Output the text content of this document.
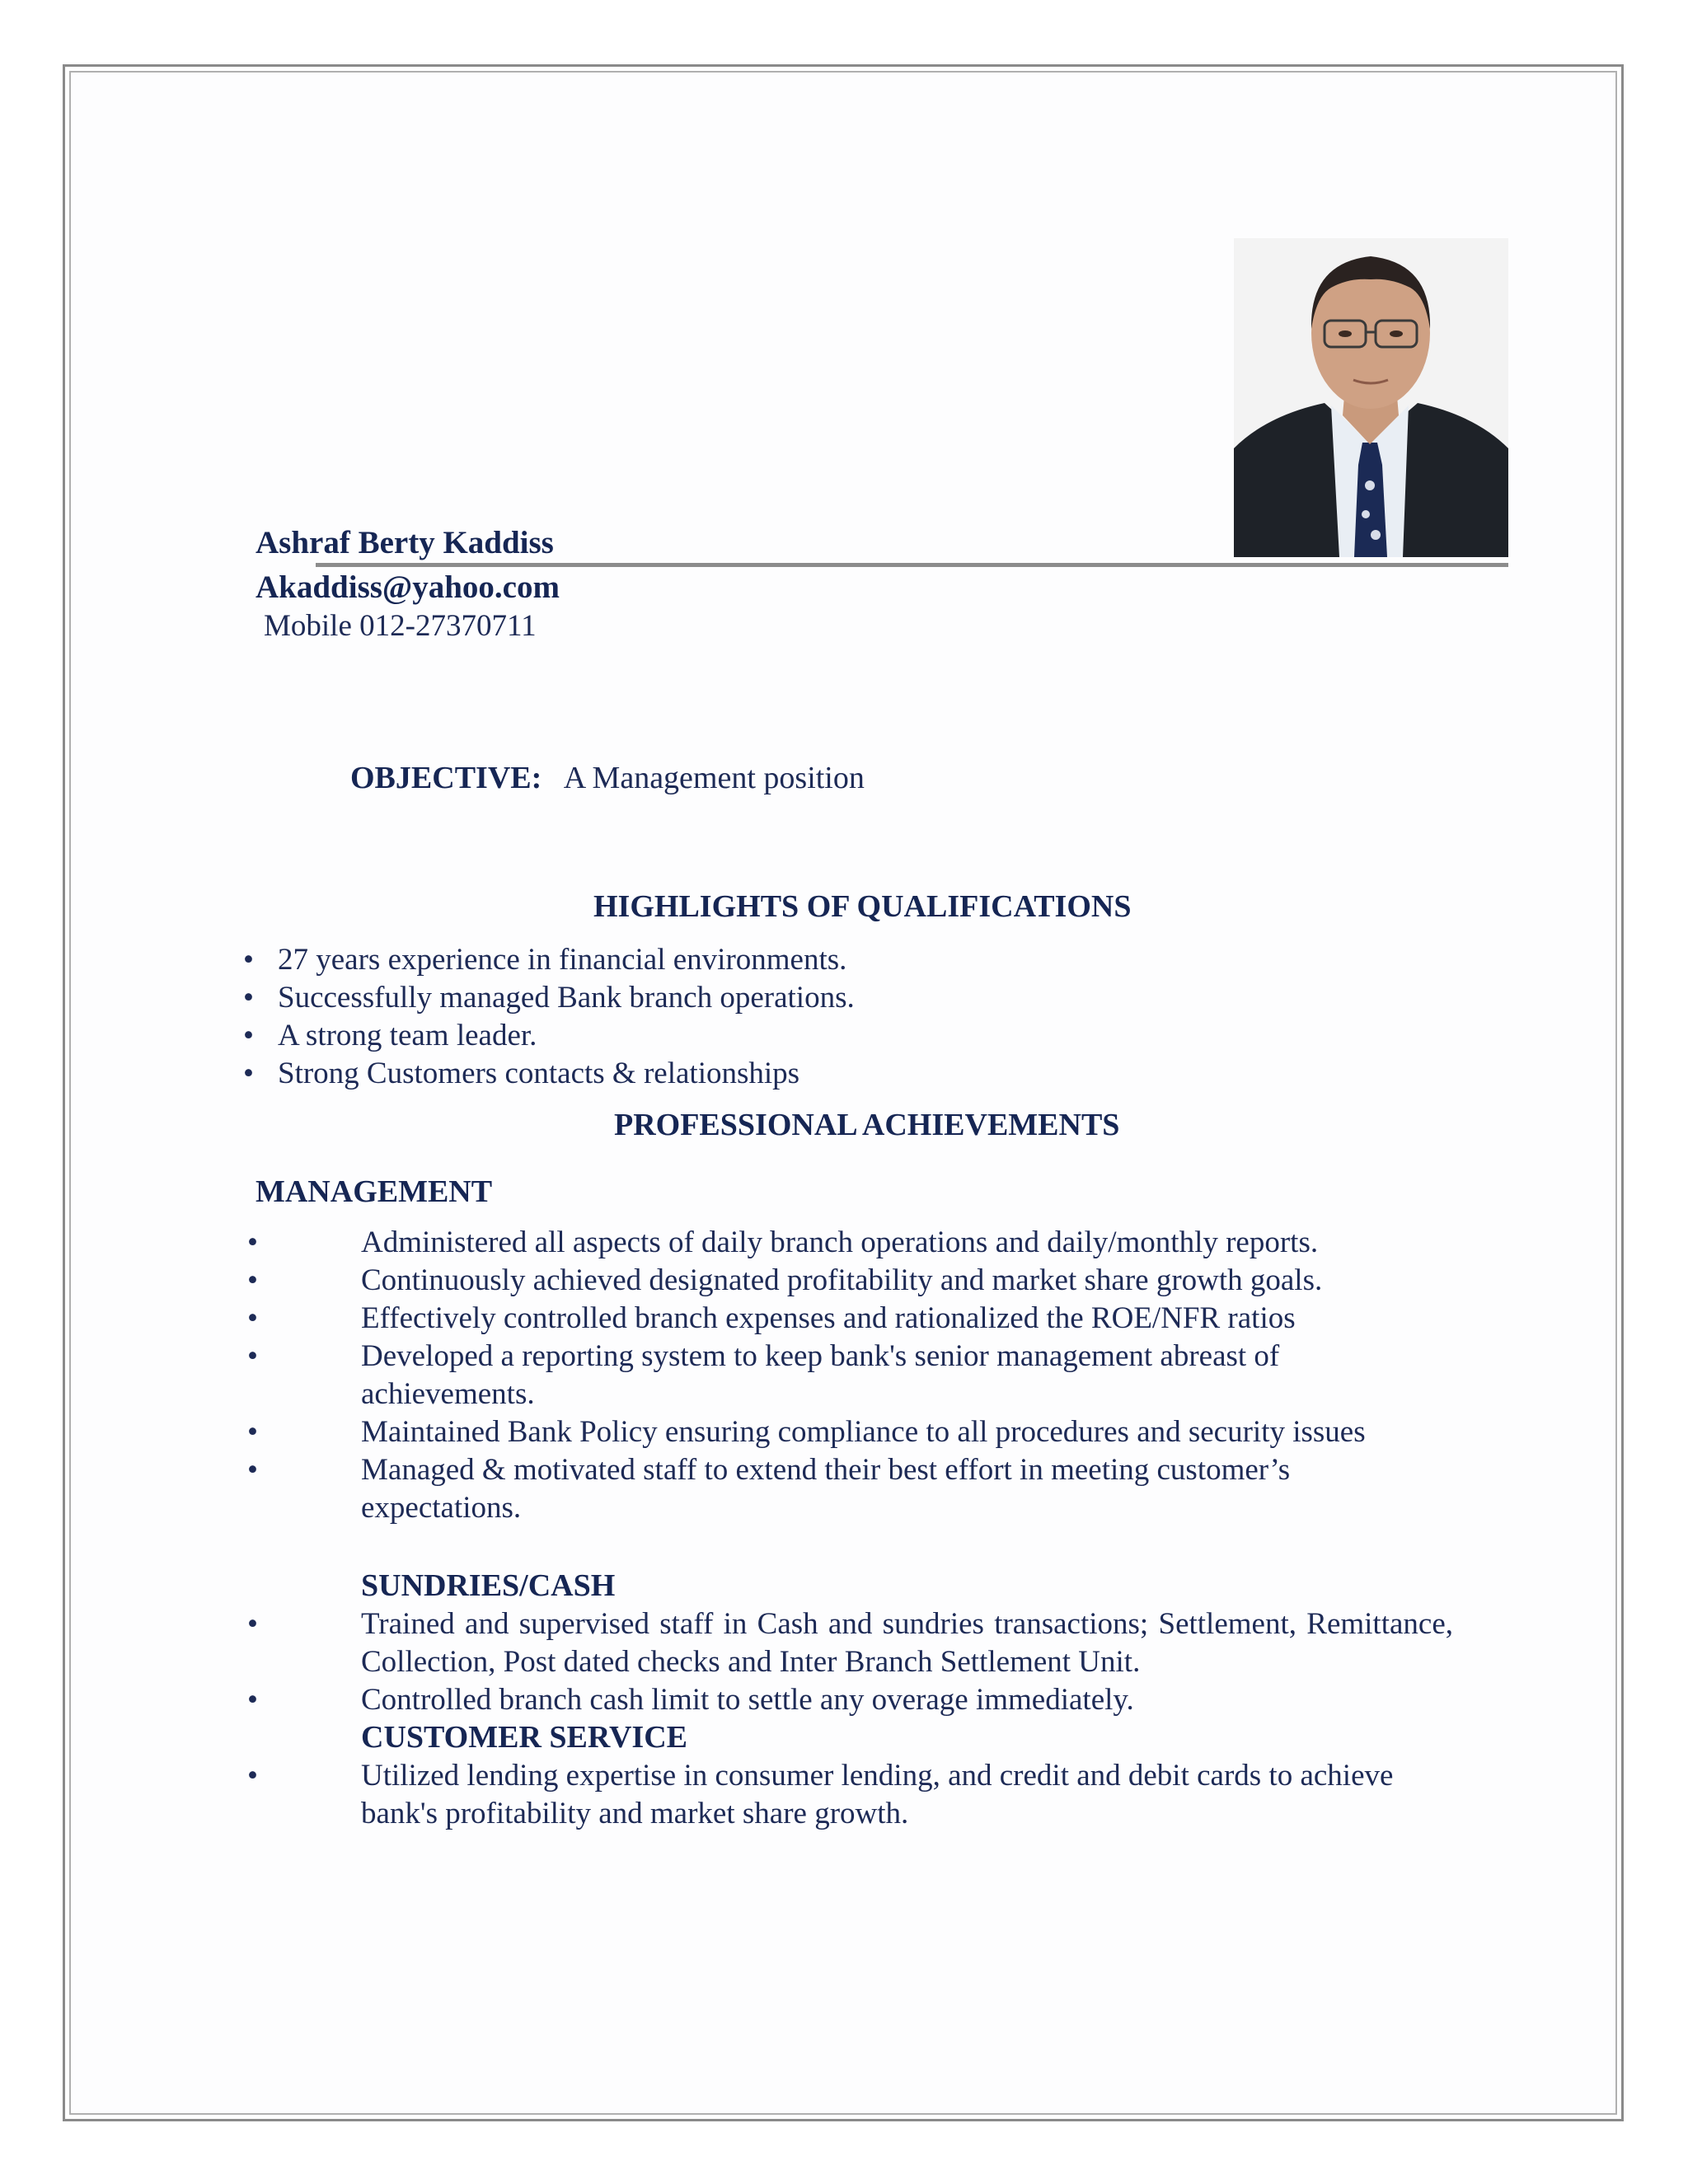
Ashraf Berty Kaddiss
Akaddiss@yahoo.com
Mobile 012-27370711
OBJECTIVE: A Management position
HIGHLIGHTS OF QUALIFICATIONS
• 27 years experience in financial environments.
• Successfully managed Bank branch operations.
• A strong team leader.
• Strong Customers contacts & relationships
PROFESSIONAL ACHIEVEMENTS
MANAGEMENT
•	Administered all aspects of daily branch operations and daily/monthly reports.
•	Continuously achieved designated profitability and market share growth goals.
•	Effectively controlled branch expenses and rationalized the ROE/NFR ratios
•	Developed a reporting system to keep bank's senior management abreast of achievements.
•	Maintained Bank Policy ensuring compliance to all procedures and security issues
•	Managed & motivated staff to extend their best effort in meeting customer’s expectations.
SUNDRIES/CASH
•	Trained and supervised staff in Cash and sundries transactions; Settlement, Remittance, Collection, Post dated checks and Inter Branch Settlement Unit.
•	Controlled branch cash limit to settle any overage immediately.
CUSTOMER SERVICE
•	Utilized lending expertise in consumer lending, and credit and debit cards to achieve bank's profitability and market share growth.
